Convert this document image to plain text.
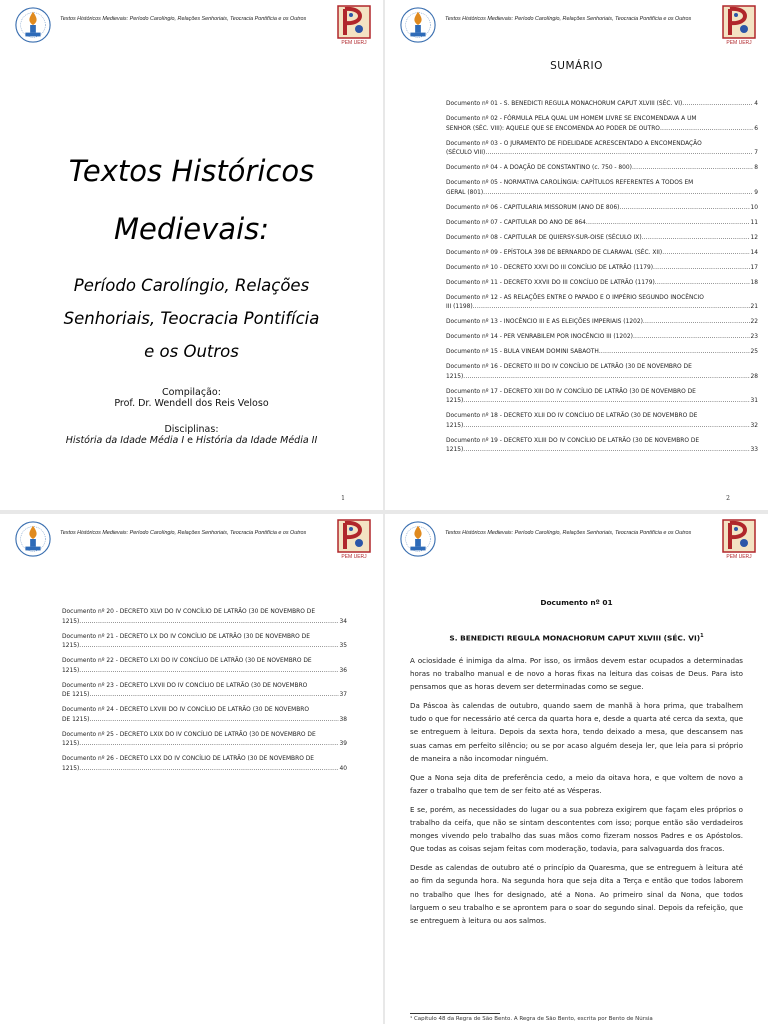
Textos Históricos Medievais: Período Carolíngio, Relações Senhoriais, Teocracia Pontifícia e os Outros
PEM UERJ
Textos Históricos
Medievais:
Período Carolíngio, Relações
Senhoriais, Teocracia Pontifícia
e os Outros
Compilação:
Prof. Dr. Wendell dos Reis Veloso
Disciplinas:
História da Idade Média I e História da Idade Média II
1
Textos Históricos Medievais: Período Carolíngio, Relações Senhoriais, Teocracia Pontifícia e os Outros
PEM UERJ
SUMÁRIO
Documento nº 01 - S. BENEDICTI REGULA MONACHORUM CAPUT XLVIII (SÉC. VI) .....	4
Documento nº 02 - FÓRMULA PELA QUAL UM HOMEM LIVRE SE ENCOMENDAVA A UM
SENHOR (SÉC. VIII): AQUELE QUE SE ENCOMENDA AO PODER DE OUTRO .....	6
Documento nº 03 - O JURAMENTO DE FIDELIDADE ACRESCENTADO A ENCOMENDAÇÃO
(SÉCULO VIII) .....	7
Documento nº 04 - A DOAÇÃO DE CONSTANTINO (c. 750 - 800) .....	8
Documento nº 05 - NORMATIVA CAROLÍNGIA: CAPÍTULOS REFERENTES A TODOS EM
GERAL (801) .....	9
Documento nº 06 - CAPITULARIA MISSORUM (ANO DE 806) .....	10
Documento nº 07 - CAPITULAR DO ANO DE 864 .....	11
Documento nº 08 - CAPITULAR DE QUIERSY-SUR-OISE (SÉCULO IX) .....	12
Documento nº 09 - EPÍSTOLA 398 DE BERNARDO DE CLARAVAL (SÉC. XII) .....	14
Documento nº 10 - DECRETO XXVI DO III CONCÍLIO DE LATRÃO (1179) .....	17
Documento nº 11 - DECRETO XXVII DO III CONCÍLIO DE LATRÃO (1179) .....	18
Documento nº 12 - AS RELAÇÕES ENTRE O PAPADO E O IMPÉRIO SEGUNDO INOCÊNCIO
III (1198) .....	21
Documento nº 13 - INOCÊNCIO III E AS ELEIÇÕES IMPERIAIS (1202) .....	22
Documento nº 14 - PER VENRABILEM POR INOCÊNCIO III (1202) .....	23
Documento nº 15 - BULA VINEAM DOMINI SABAOTH .....	25
Documento nº 16 - DECRETO III DO IV CONCÍLIO DE LATRÃO (30 DE NOVEMBRO DE
1215) .....	28
Documento nº 17 - DECRETO XIII DO IV CONCÍLIO DE LATRÃO (30 DE NOVEMBRO DE
1215) .....	31
Documento nº 18 - DECRETO XLII DO IV CONCÍLIO DE LATRÃO (30 DE NOVEMBRO DE
1215) .....	32
Documento nº 19 - DECRETO XLIII DO IV CONCÍLIO DE LATRÃO (30 DE NOVEMBRO DE
1215) .....	33
2
Textos Históricos Medievais: Período Carolíngio, Relações Senhoriais, Teocracia Pontifícia e os Outros
PEM UERJ
Documento nº 20 - DECRETO XLVI DO IV CONCÍLIO DE LATRÃO (30 DE NOVEMBRO DE
1215) .....	34
Documento nº 21 - DECRETO LX DO IV CONCÍLIO DE LATRÃO (30 DE NOVEMBRO DE
1215) .....	35
Documento nº 22 - DECRETO LXI DO IV CONCÍLIO DE LATRÃO (30 DE NOVEMBRO DE
1215) .....	36
Documento nº 23 - DECRETO LXVII DO IV CONCÍLIO DE LATRÃO (30 DE NOVEMBRO
DE 1215) .....	37
Documento nº 24 - DECRETO LXVIII DO IV CONCÍLIO DE LATRÃO (30 DE NOVEMBRO
DE 1215) .....	38
Documento nº 25 - DECRETO LXIX DO IV CONCÍLIO DE LATRÃO (30 DE NOVEMBRO DE
1215) .....	39
Documento nº 26 - DECRETO LXX DO IV CONCÍLIO DE LATRÃO (30 DE NOVEMBRO DE
1215) .....	40
Textos Históricos Medievais: Período Carolíngio, Relações Senhoriais, Teocracia Pontifícia e os Outros
PEM UERJ
Documento nº 01
S. BENEDICTI REGULA MONACHORUM CAPUT XLVIII (SÉC. VI)$^1$

A ociosidade é inimiga da alma. Por isso, os irmãos devem estar ocupados a determinadas horas no trabalho manual e de novo a horas fixas na leitura das coisas de Deus. Para isto pensamos que as horas devem ser determinadas como se segue.

Da Páscoa às calendas de outubro, quando saem de manhã à hora prima, que trabalhem tudo o que for necessário até cerca da quarta hora e, desde a quarta até cerca da sexta, que se entreguem à leitura. Depois da sexta hora, tendo deixado a mesa, que descansem nas suas camas em perfeito silêncio; ou se por acaso alguém deseja ler, que leia para si próprio de maneira a não incomodar ninguém.

Que a Nona seja dita de preferência cedo, a meio da oitava hora, e que voltem de novo a fazer o trabalho que tem de ser feito até as Vésperas.

E se, porém, as necessidades do lugar ou a sua pobreza exigirem que façam eles próprios o trabalho da ceifa, que não se sintam descontentes com isso; porque então são verdadeiros monges vivendo pelo trabalho das suas mãos como fizeram nossos Padres e os Apóstolos. Que todas as coisas sejam feitas com moderação, todavia, para salvaguarda dos fracos.

Desde as calendas de outubro até o princípio da Quaresma, que se entreguem à leitura até ao fim da segunda hora. Na segunda hora que seja dita a Terça e então que todos laborem no trabalho que lhes for designado, até a Nona. Ao primeiro sinal da Nona, que todos larguem o seu trabalho e se aprontem para o soar do segundo sinal. Depois da refeição, que se entreguem à leitura ou aos salmos.

¹ Capítulo 48 da Regra de São Bento. A Regra de São Bento, escrita por Bento de Núrsia
